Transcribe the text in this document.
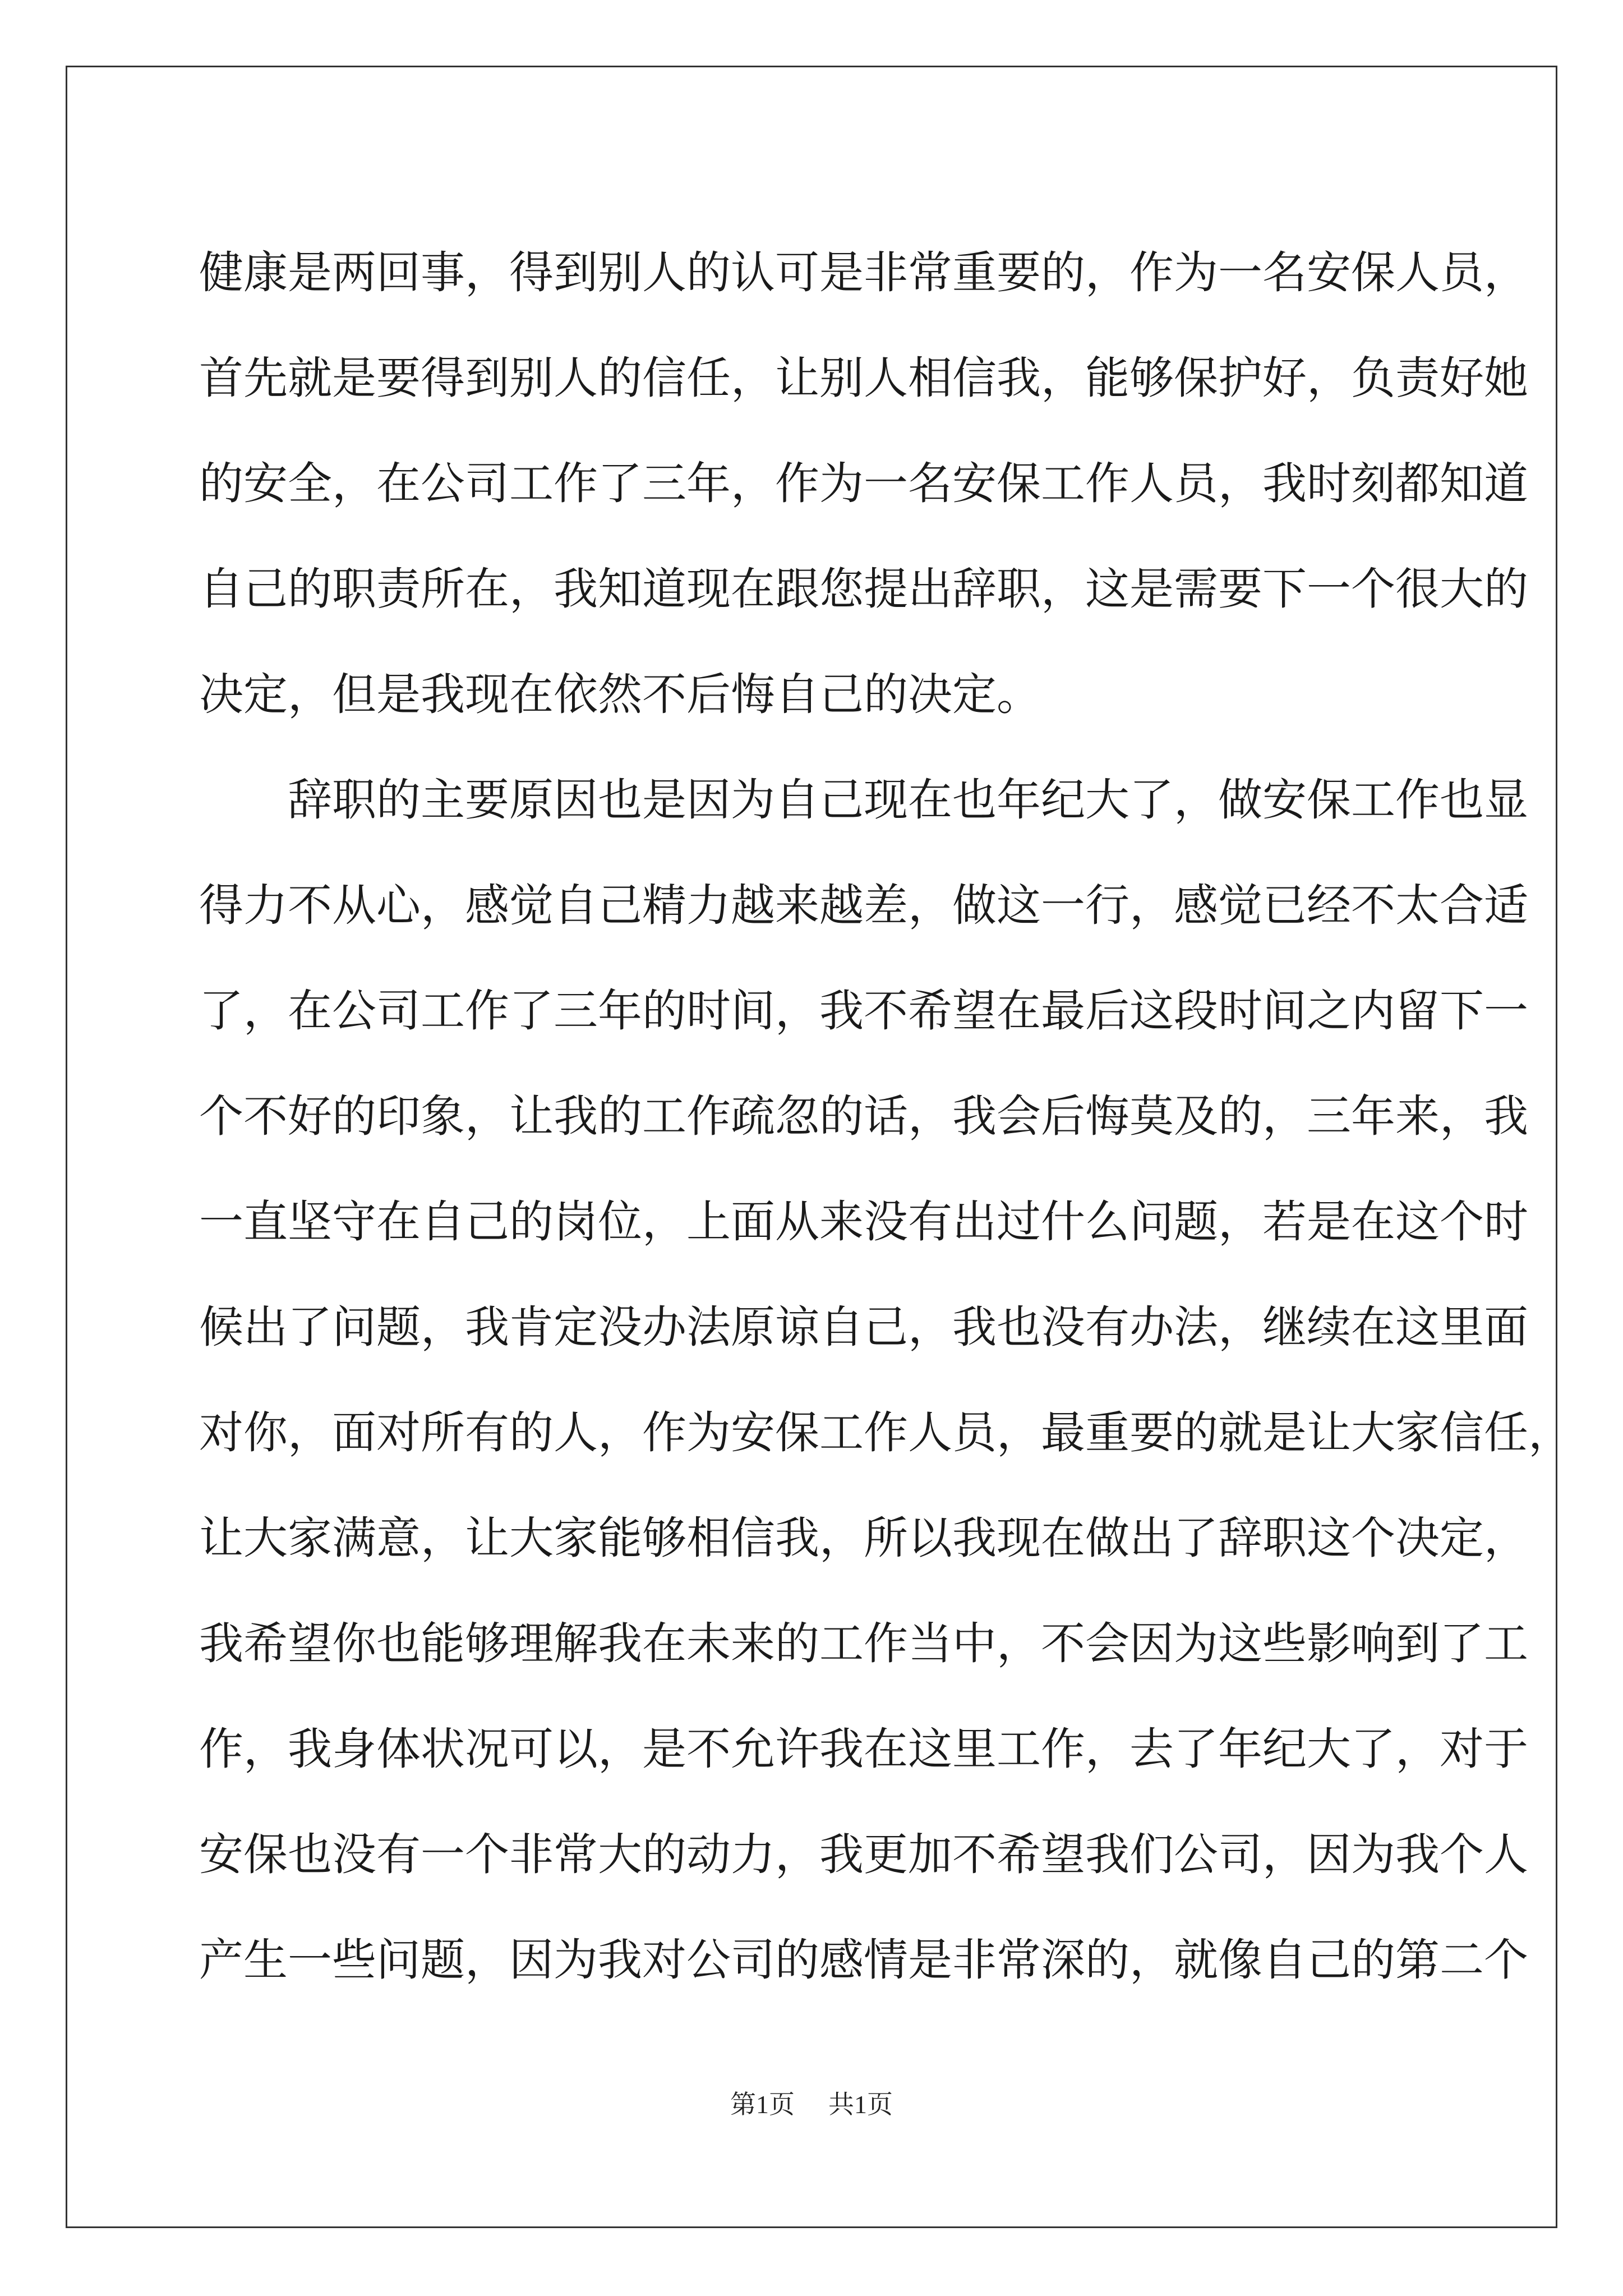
健康是两回事，得到别人的认可是非常重要的，作为一名安保人员，
首先就是要得到别人的信任，让别人相信我，能够保护好，负责好她
的安全，在公司工作了三年，作为一名安保工作人员，我时刻都知道
自己的职责所在，我知道现在跟您提出辞职，这是需要下一个很大的
决定，但是我现在依然不后悔自己的决定。
辞职的主要原因也是因为自己现在也年纪大了，做安保工作也显
得力不从心，感觉自己精力越来越差，做这一行，感觉已经不太合适
了，在公司工作了三年的时间，我不希望在最后这段时间之内留下一
个不好的印象，让我的工作疏忽的话，我会后悔莫及的，三年来，我
一直坚守在自己的岗位，上面从来没有出过什么问题，若是在这个时
候出了问题，我肯定没办法原谅自己，我也没有办法，继续在这里面
对你，面对所有的人，作为安保工作人员，最重要的就是让大家信任，
让大家满意，让大家能够相信我，所以我现在做出了辞职这个决定，
我希望你也能够理解我在未来的工作当中，不会因为这些影响到了工
作，我身体状况可以，是不允许我在这里工作，去了年纪大了，对于
安保也没有一个非常大的动力，我更加不希望我们公司，因为我个人
产生一些问题，因为我对公司的感情是非常深的，就像自己的第二个
第1页 共1页
